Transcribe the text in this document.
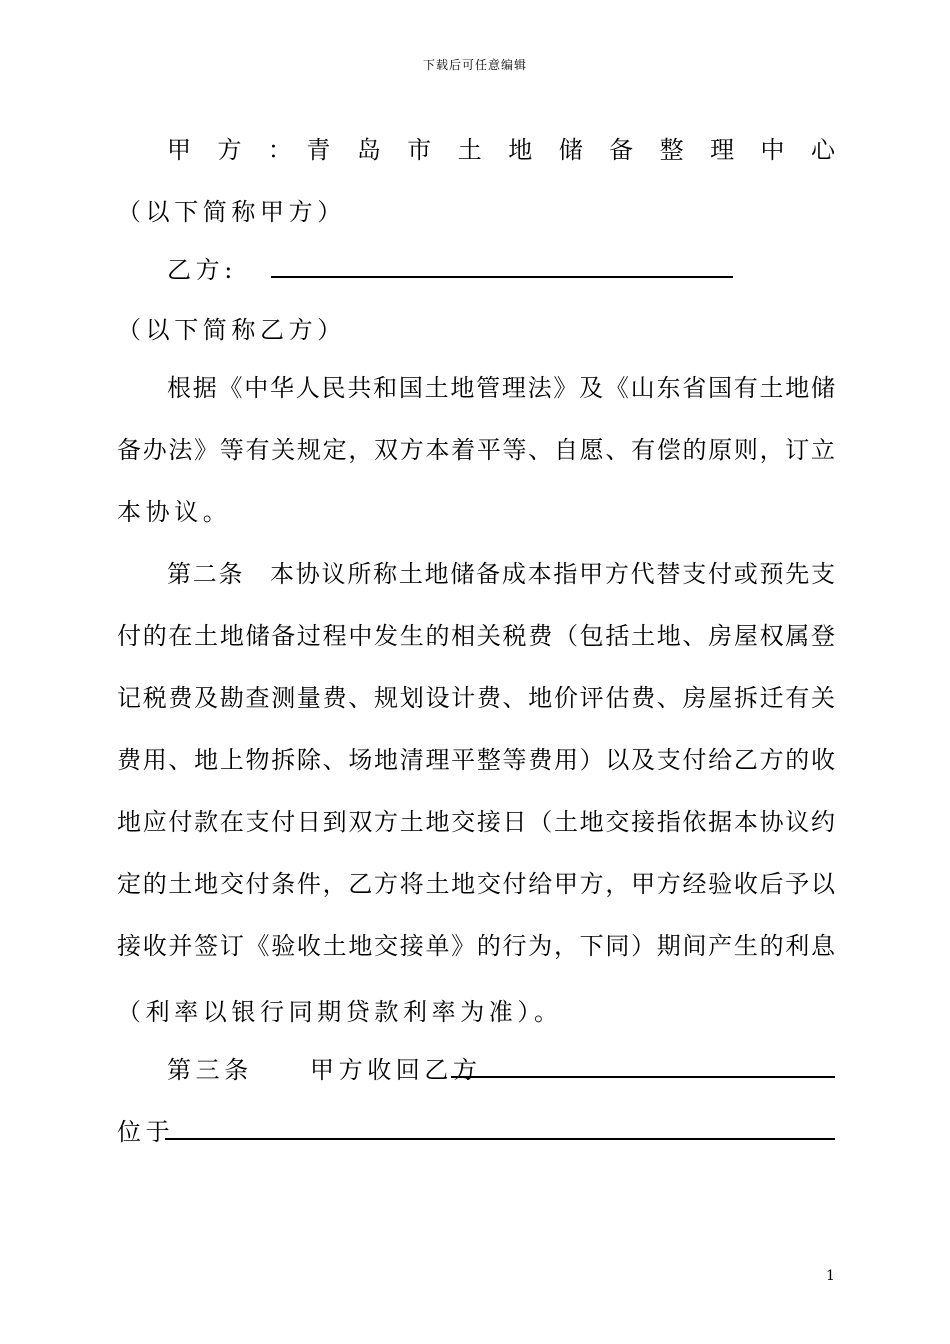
下载后可任意编辑
甲　方　：　青　岛　市　土　地　储　备　整　理　中　心
（以下简称甲方）
乙方:
（以下简称乙方）
根据《中华人民共和国土地管理法》及《山东省国有土地储
备办法》等有关规定，双方本着平等、自愿、有偿的原则，订立
本协议。
第二条　本协议所称土地储备成本指甲方代替支付或预先支
付的在土地储备过程中发生的相关税费（包括土地、房屋权属登
记税费及勘查测量费、规划设计费、地价评估费、房屋拆迁有关
费用、地上物拆除、场地清理平整等费用）以及支付给乙方的收
地应付款在支付日到双方土地交接日（土地交接指依据本协议约
定的土地交付条件，乙方将土地交付给甲方，甲方经验收后予以
接收并签订《验收土地交接单》的行为，下同）期间产生的利息
（利率以银行同期贷款利率为准）。
第三条　　甲方收回乙方
位于
1
